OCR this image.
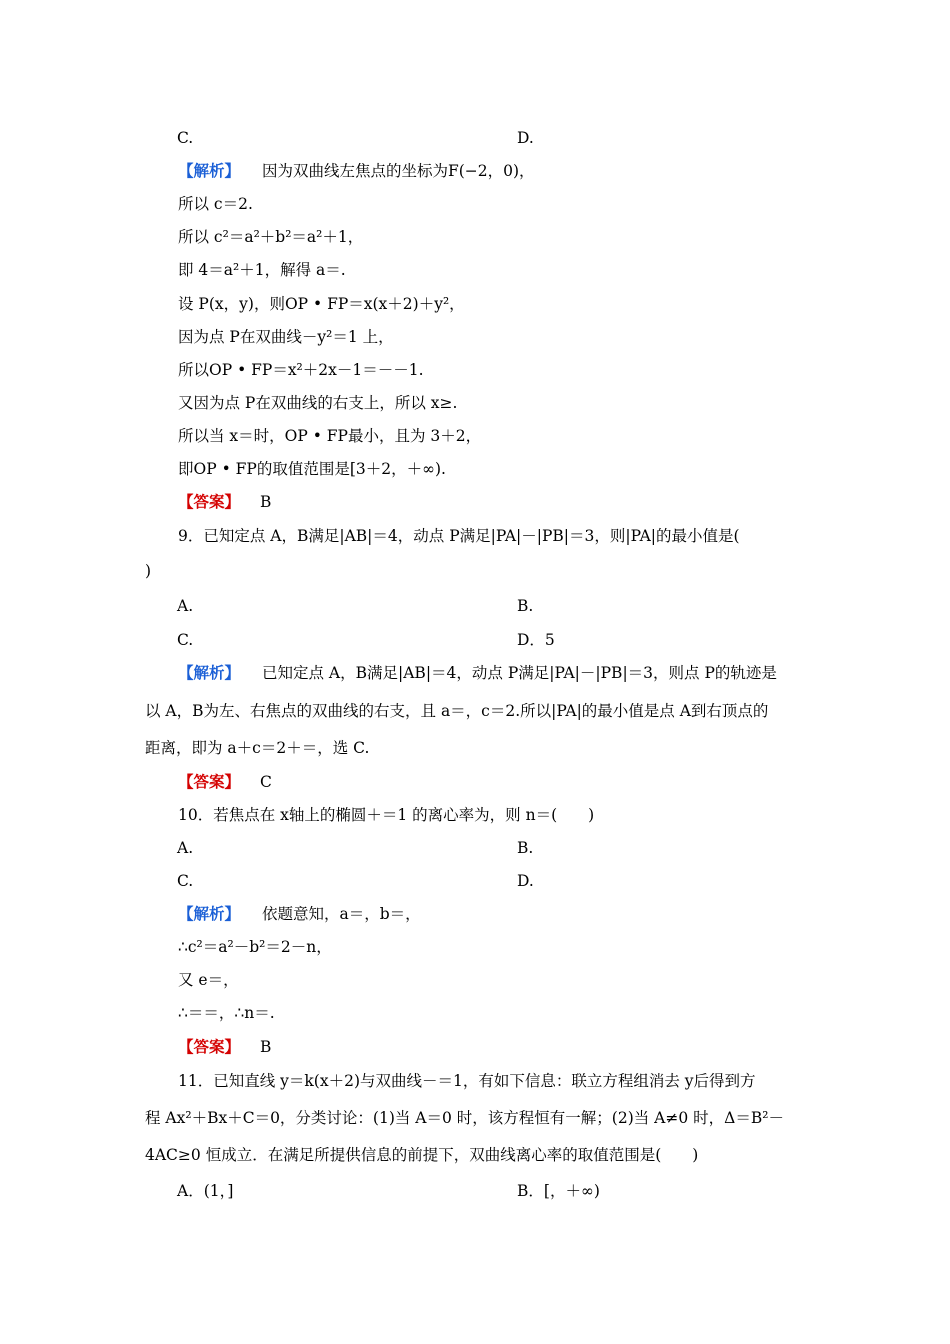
C.	D.
【解析】 因为双曲线左焦点的坐标为F(−2，0)，
所以 c＝2.
所以 c²＝a²＋b²＝a²＋1，
即 4＝a²＋1，解得 a＝.
设 P(x，y)，则OP • FP＝x(x＋2)＋y²，
因为点 P在双曲线－y²＝1 上，
所以OP • FP＝x²＋2x－1＝－－1.
又因为点 P在双曲线的右支上，所以 x≥.
所以当 x＝时，OP • FP最小，且为 3＋2，
即OP • FP的取值范围是[3＋2，＋∞).
【答案】 B
9．已知定点 A，B满足|AB|＝4，动点 P满足|PA|－|PB|＝3，则|PA|的最小值是(
)
A.	B.
C.	D．5
【解析】 已知定点 A，B满足|AB|＝4，动点 P满足|PA|－|PB|＝3，则点 P的轨迹是
以 A，B为左、右焦点的双曲线的右支，且 a＝，c＝2.所以|PA|的最小值是点 A到右顶点的
距离，即为 a＋c＝2＋＝，选 C.
【答案】 C
10．若焦点在 x轴上的椭圆＋＝1 的离心率为，则 n＝(　　)
A.	B.
C.	D.
【解析】 依题意知，a＝，b＝，
∴c²＝a²－b²＝2－n，
又 e＝，
∴＝＝，∴n＝.
【答案】 B
11．已知直线 y＝k(x＋2)与双曲线－＝1，有如下信息：联立方程组消去 y后得到方
程 Ax²＋Bx＋C＝0，分类讨论：(1)当 A＝0 时，该方程恒有一解；(2)当 A≠0 时，Δ＝B²－
4AC≥0 恒成立．在满足所提供信息的前提下，双曲线离心率的取值范围是(　　)
A．(1，]	B．[，＋∞)
